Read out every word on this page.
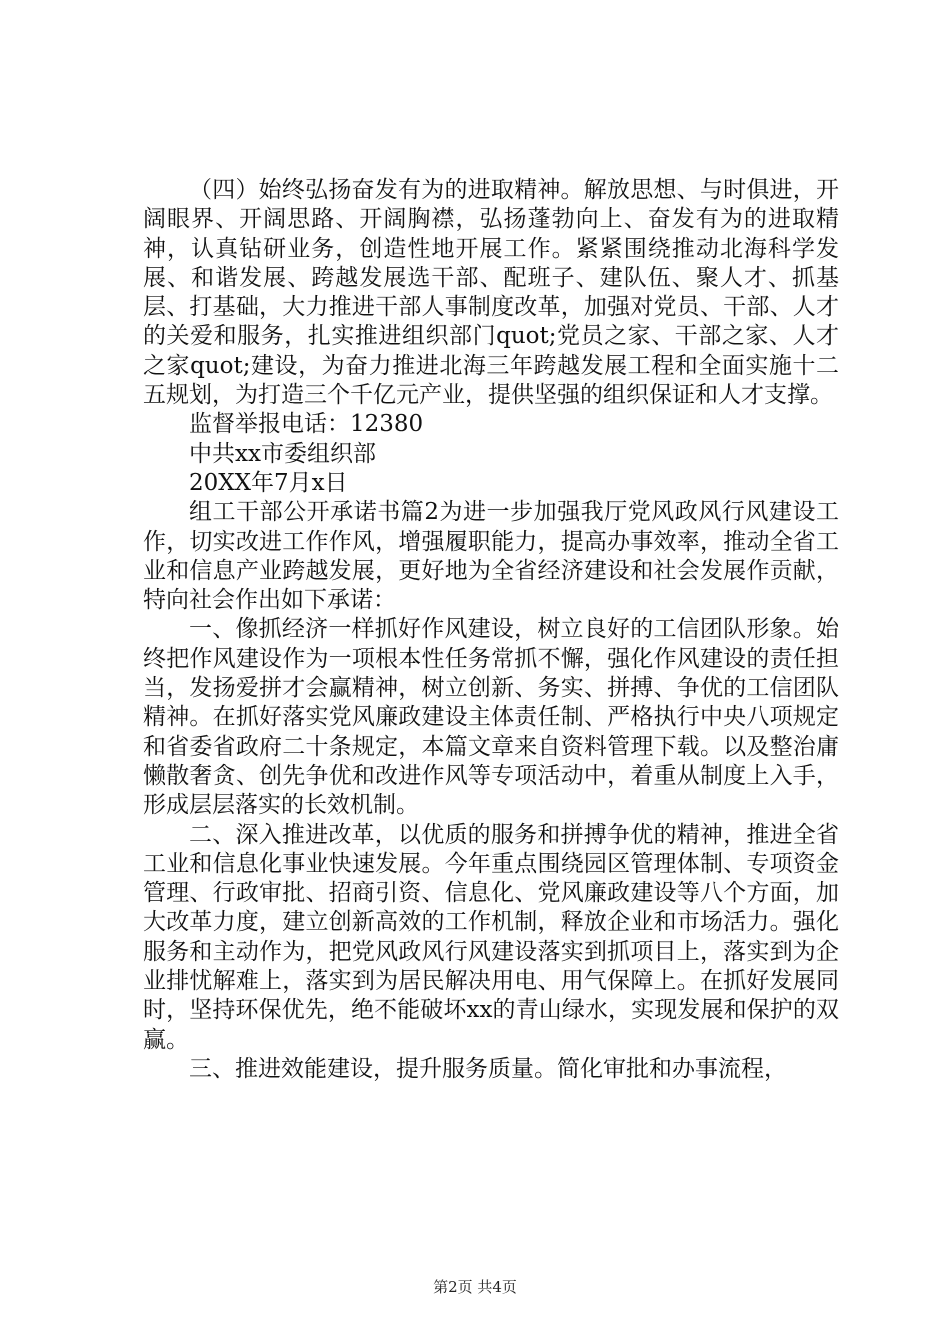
（四）始终弘扬奋发有为的进取精神。解放思想、与时俱进，开阔眼界、开阔思路、开阔胸襟，弘扬蓬勃向上、奋发有为的进取精神，认真钻研业务，创造性地开展工作。紧紧围绕推动北海科学发展、和谐发展、跨越发展选干部、配班子、建队伍、聚人才、抓基层、打基础，大力推进干部人事制度改革，加强对党员、干部、人才的关爱和服务，扎实推进组织部门quot;党员之家、干部之家、人才之家quot;建设，为奋力推进北海三年跨越发展工程和全面实施十二五规划，为打造三个千亿元产业，提供坚强的组织保证和人才支撑。

监督举报电话：12380

中共xx市委组织部

20XX年7月x日

组工干部公开承诺书篇2为进一步加强我厅党风政风行风建设工作，切实改进工作作风，增强履职能力，提高办事效率，推动全省工业和信息产业跨越发展，更好地为全省经济建设和社会发展作贡献，特向社会作出如下承诺：

一、像抓经济一样抓好作风建设，树立良好的工信团队形象。始终把作风建设作为一项根本性任务常抓不懈，强化作风建设的责任担当，发扬爱拼才会赢精神，树立创新、务实、拼搏、争优的工信团队精神。在抓好落实党风廉政建设主体责任制、严格执行中央八项规定和省委省政府二十条规定，本篇文章来自资料管理下载。以及整治庸懒散奢贪、创先争优和改进作风等专项活动中，着重从制度上入手，形成层层落实的长效机制。

二、深入推进改革，以优质的服务和拼搏争优的精神，推进全省工业和信息化事业快速发展。今年重点围绕园区管理体制、专项资金管理、行政审批、招商引资、信息化、党风廉政建设等八个方面，加大改革力度，建立创新高效的工作机制，释放企业和市场活力。强化服务和主动作为，把党风政风行风建设落实到抓项目上，落实到为企业排忧解难上，落实到为居民解决用电、用气保障上。在抓好发展同时，坚持环保优先，绝不能破坏xx的青山绿水，实现发展和保护的双赢。

三、推进效能建设，提升服务质量。简化审批和办事流程，

第2页 共4页
